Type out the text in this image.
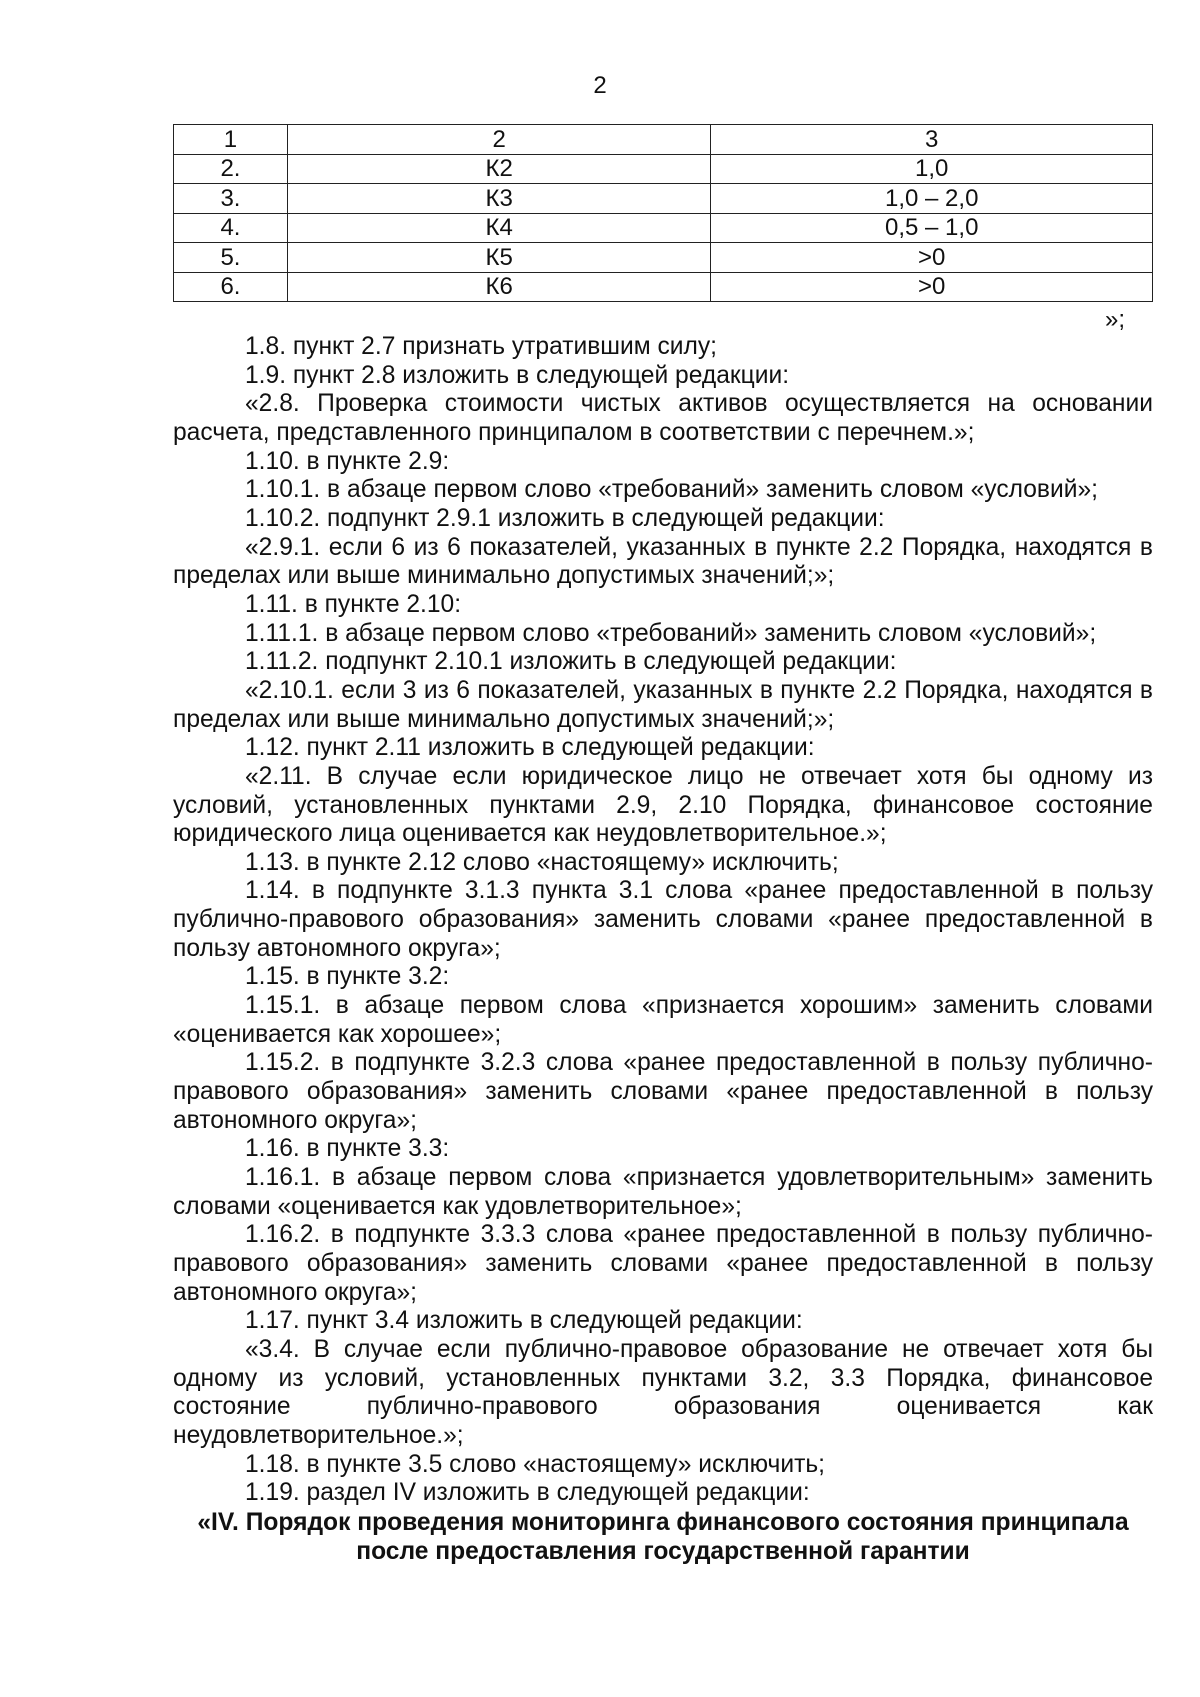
2
1	2	3
2.	К2	1,0
3.	К3	1,0 – 2,0
4.	К4	0,5 – 1,0
5.	К5	>0
6.	К6	>0
»;

1.8. пункт 2.7 признать утратившим силу;

1.9. пункт 2.8 изложить в следующей редакции:

«2.8. Проверка стоимости чистых активов осуществляется на основании расчета, представленного принципалом в соответствии с перечнем.»;

1.10. в пункте 2.9:

1.10.1. в абзаце первом слово «требований» заменить словом «условий»;

1.10.2. подпункт 2.9.1 изложить в следующей редакции:

«2.9.1. если 6 из 6 показателей, указанных в пункте 2.2 Порядка, находятся в пределах или выше минимально допустимых значений;»;

1.11. в пункте 2.10:

1.11.1. в абзаце первом слово «требований» заменить словом «условий»;

1.11.2. подпункт 2.10.1 изложить в следующей редакции:

«2.10.1. если 3 из 6 показателей, указанных в пункте 2.2 Порядка, находятся в пределах или выше минимально допустимых значений;»;

1.12. пункт 2.11 изложить в следующей редакции:

«2.11. В случае если юридическое лицо не отвечает хотя бы одному из условий, установленных пунктами 2.9, 2.10 Порядка, финансовое состояние юридического лица оценивается как неудовлетворительное.»;

1.13. в пункте 2.12 слово «настоящему» исключить;

1.14. в подпункте 3.1.3 пункта 3.1 слова «ранее предоставленной в пользу публично-правового образования» заменить словами «ранее предоставленной в пользу автономного округа»;

1.15. в пункте 3.2:

1.15.1. в абзаце первом слова «признается хорошим» заменить словами «оценивается как хорошее»;

1.15.2. в подпункте 3.2.3 слова «ранее предоставленной в пользу публично-правового образования» заменить словами «ранее предоставленной в пользу автономного округа»;

1.16. в пункте 3.3:

1.16.1. в абзаце первом слова «признается удовлетворительным» заменить словами «оценивается как удовлетворительное»;

1.16.2. в подпункте 3.3.3 слова «ранее предоставленной в пользу публично-правового образования» заменить словами «ранее предоставленной в пользу автономного округа»;

1.17. пункт 3.4 изложить в следующей редакции:

«3.4. В случае если публично-правовое образование не отвечает хотя бы одному из условий, установленных пунктами 3.2, 3.3 Порядка, финансовое состояние публично-правового образования оценивается как неудовлетворительное.»;

1.18. в пункте 3.5 слово «настоящему» исключить;

1.19. раздел IV изложить в следующей редакции:

«IV. Порядок проведения мониторинга финансового состояния принципала после предоставления государственной гарантии
